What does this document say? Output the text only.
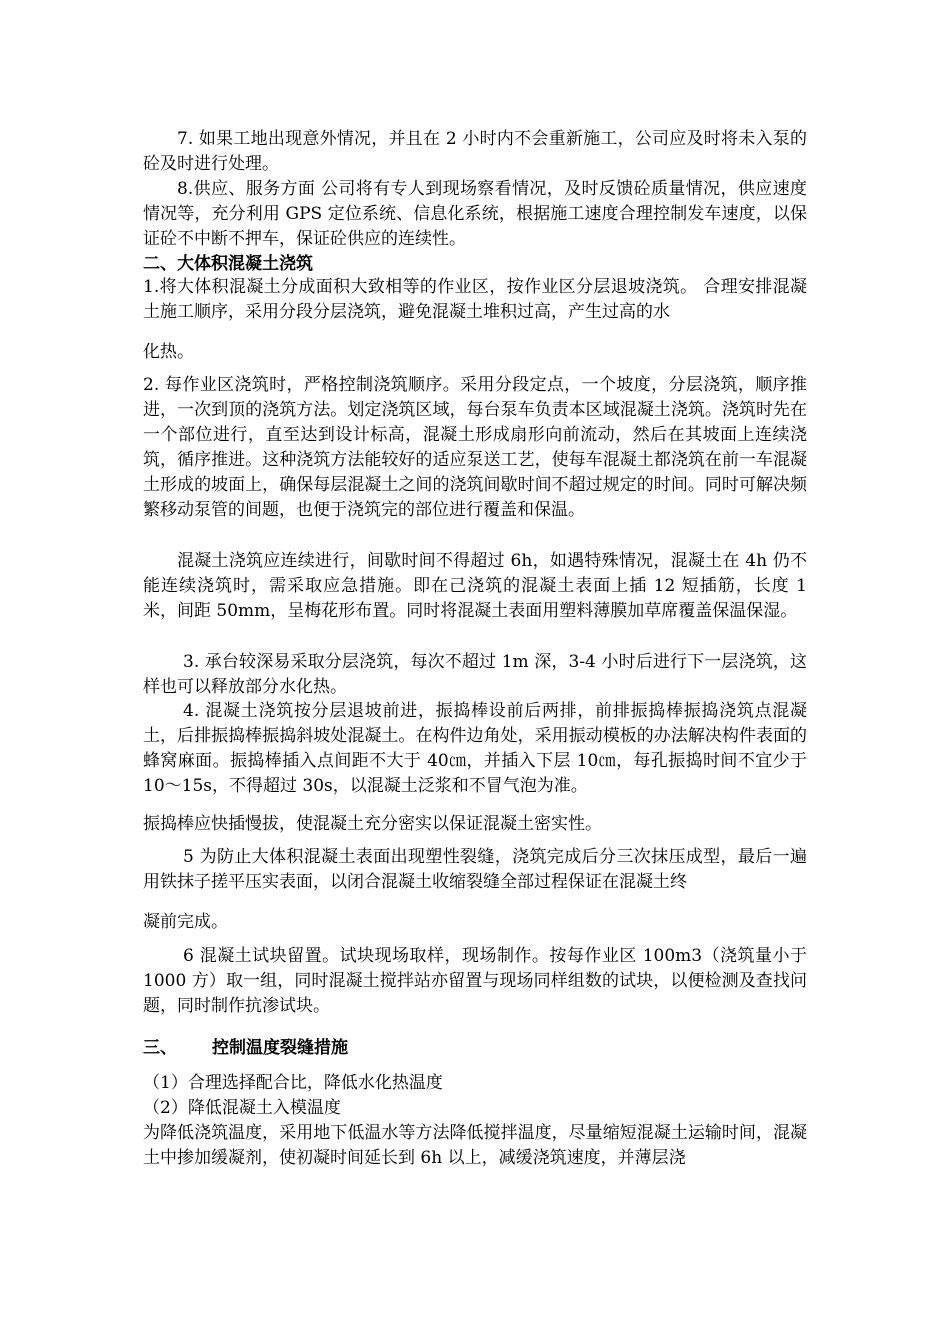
7. 如果工地出现意外情况，并且在 2 小时内不会重新施工，公司应及时将未入泵的砼及时进行处理。

8.供应、服务方面 公司将有专人到现场察看情况，及时反馈砼质量情况，供应速度情况等，充分利用 GPS 定位系统、信息化系统，根据施工速度合理控制发车速度，以保证砼不中断不押车，保证砼供应的连续性。

二、大体积混凝土浇筑

1.将大体积混凝土分成面积大致相等的作业区，按作业区分层退坡浇筑。 合理安排混凝土施工顺序，采用分段分层浇筑，避免混凝土堆积过高，产生过高的水

化热。

2. 每作业区浇筑时，严格控制浇筑顺序。采用分段定点，一个坡度，分层浇筑，顺序推进，一次到顶的浇筑方法。划定浇筑区域，每台泵车负责本区域混凝土浇筑。浇筑时先在一个部位进行，直至达到设计标高，混凝土形成扇形向前流动，然后在其坡面上连续浇筑，循序推进。这种浇筑方法能较好的适应泵送工艺，使每车混凝土都浇筑在前一车混凝土形成的坡面上，确保每层混凝土之间的浇筑间歇时间不超过规定的时间。同时可解决频繁移动泵管的间题，也便于浇筑完的部位进行覆盖和保温。

混凝土浇筑应连续进行，间歇时间不得超过 6h，如遇特殊情况，混凝土在 4h 仍不能连续浇筑时，需采取应急措施。即在己浇筑的混凝土表面上插 12 短插筋，长度 1 米，间距 50mm，呈梅花形布置。同时将混凝土表面用塑料薄膜加草席覆盖保温保湿。

3. 承台较深易采取分层浇筑，每次不超过 1m 深，3-4 小时后进行下一层浇筑，这样也可以释放部分水化热。

4. 混凝土浇筑按分层退坡前进，振捣棒设前后两排，前排振捣棒振捣浇筑点混凝土，后排振捣棒振捣斜坡处混凝土。在构件边角处，采用振动模板的办法解决构件表面的蜂窝麻面。振捣棒插入点间距不大于 40㎝，并插入下层 10㎝，每孔振捣时间不宜少于 10～15s，不得超过 30s，以混凝土泛浆和不冒气泡为准。

振捣棒应快插慢拔，使混凝土充分密实以保证混凝土密实性。

5 为防止大体积混凝土表面出现塑性裂缝，浇筑完成后分三次抹压成型，最后一遍用铁抹子搓平压实表面，以闭合混凝土收缩裂缝全部过程保证在混凝土终

凝前完成。

6 混凝土试块留置。试块现场取样，现场制作。按每作业区 100m3（浇筑量小于 1000 方）取一组，同时混凝土搅拌站亦留置与现场同样组数的试块，以便检测及查找问题，同时制作抗渗试块。

三、	控制温度裂缝措施

（1）合理选择配合比，降低水化热温度

（2）降低混凝土入模温度

为降低浇筑温度，采用地下低温水等方法降低搅拌温度，尽量缩短混凝土运输时间，混凝土中掺加缓凝剂，使初凝时间延长到 6h 以上，减缓浇筑速度，并薄层浇
